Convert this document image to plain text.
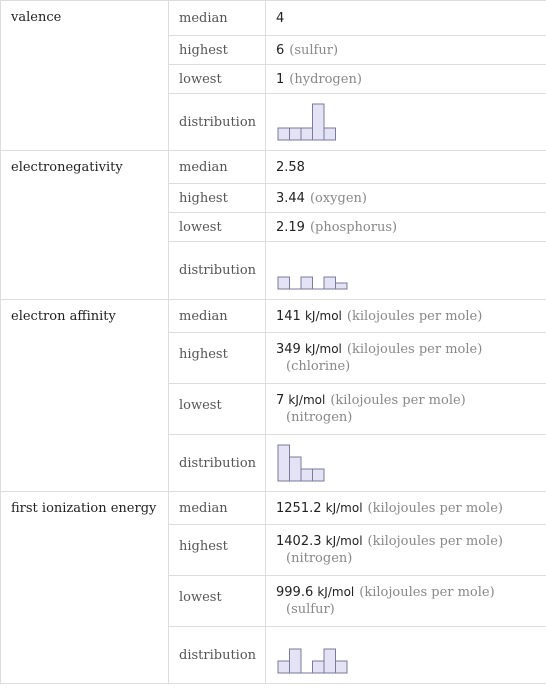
valence	median	4
	highest	6 (sulfur)
	lowest	1 (hydrogen)
	distribution	

electronegativity	median	2.58
	highest	3.44 (oxygen)
	lowest	2.19 (phosphorus)
	distribution	

electron affinity	median	141 kJ/mol (kilojoules per mole)
	highest	349 kJ/mol (kilojoules per mole)
(chlorine)

	lowest	7 kJ/mol (kilojoules per mole)
(nitrogen)

	distribution	

first ionization energy	median	1251.2 kJ/mol (kilojoules per mole)
	highest	1402.3 kJ/mol (kilojoules per mole)
(nitrogen)

	lowest	999.6 kJ/mol (kilojoules per mole)
(sulfur)

	distribution	
